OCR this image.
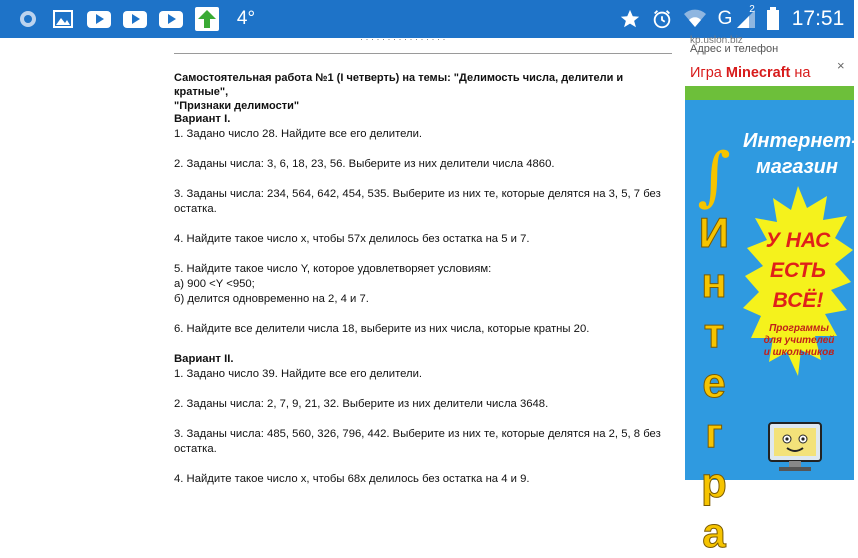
4°	G 2 17:51
· · · · · · · · · · · · · · · ·
Самостоятельная работа №1 (I четверть) на темы: "Делимость числа, делители и кратные",
"Признаки делимости"
Вариант I.
1. Задано число 28. Найдите все его делители.
2. Заданы числа: 3, 6, 18, 23, 56. Выберите из них делители числа 4860.
3. Заданы числа: 234, 564, 642, 454, 535. Выберите из них те, которые делятся на 3, 5, 7 без
остатка.
4. Найдите такое число х, чтобы 57х делилось без остатка на 5 и 7.
5. Найдите такое число Y, которое удовлетворяет условиям:
а) 900 <Y <950;
б) делится одновременно на 2, 4 и 7.
6. Найдите все делители числа 18, выберите из них числа, которые кратны 20.
Вариант II.
1. Задано число 39. Найдите все его делители.
2. Заданы числа: 2, 7, 9, 21, 32. Выберите из них делители числа 3648.
3. Заданы числа: 485, 560, 326, 796, 442. Выберите из них те, которые делятся на 2, 5, 8 без
остатка.
4. Найдите такое число х, чтобы 68х делилось без остатка на 4 и 9.
kp.uslon.biz
Адрес и телефон
Игра Minecraft на ×
∫
И
н
т
е
г
р
а
Интернет-
магазин
У НАС
ЕСТЬ
ВСЁ!
Программы
для учителей
и школьников
